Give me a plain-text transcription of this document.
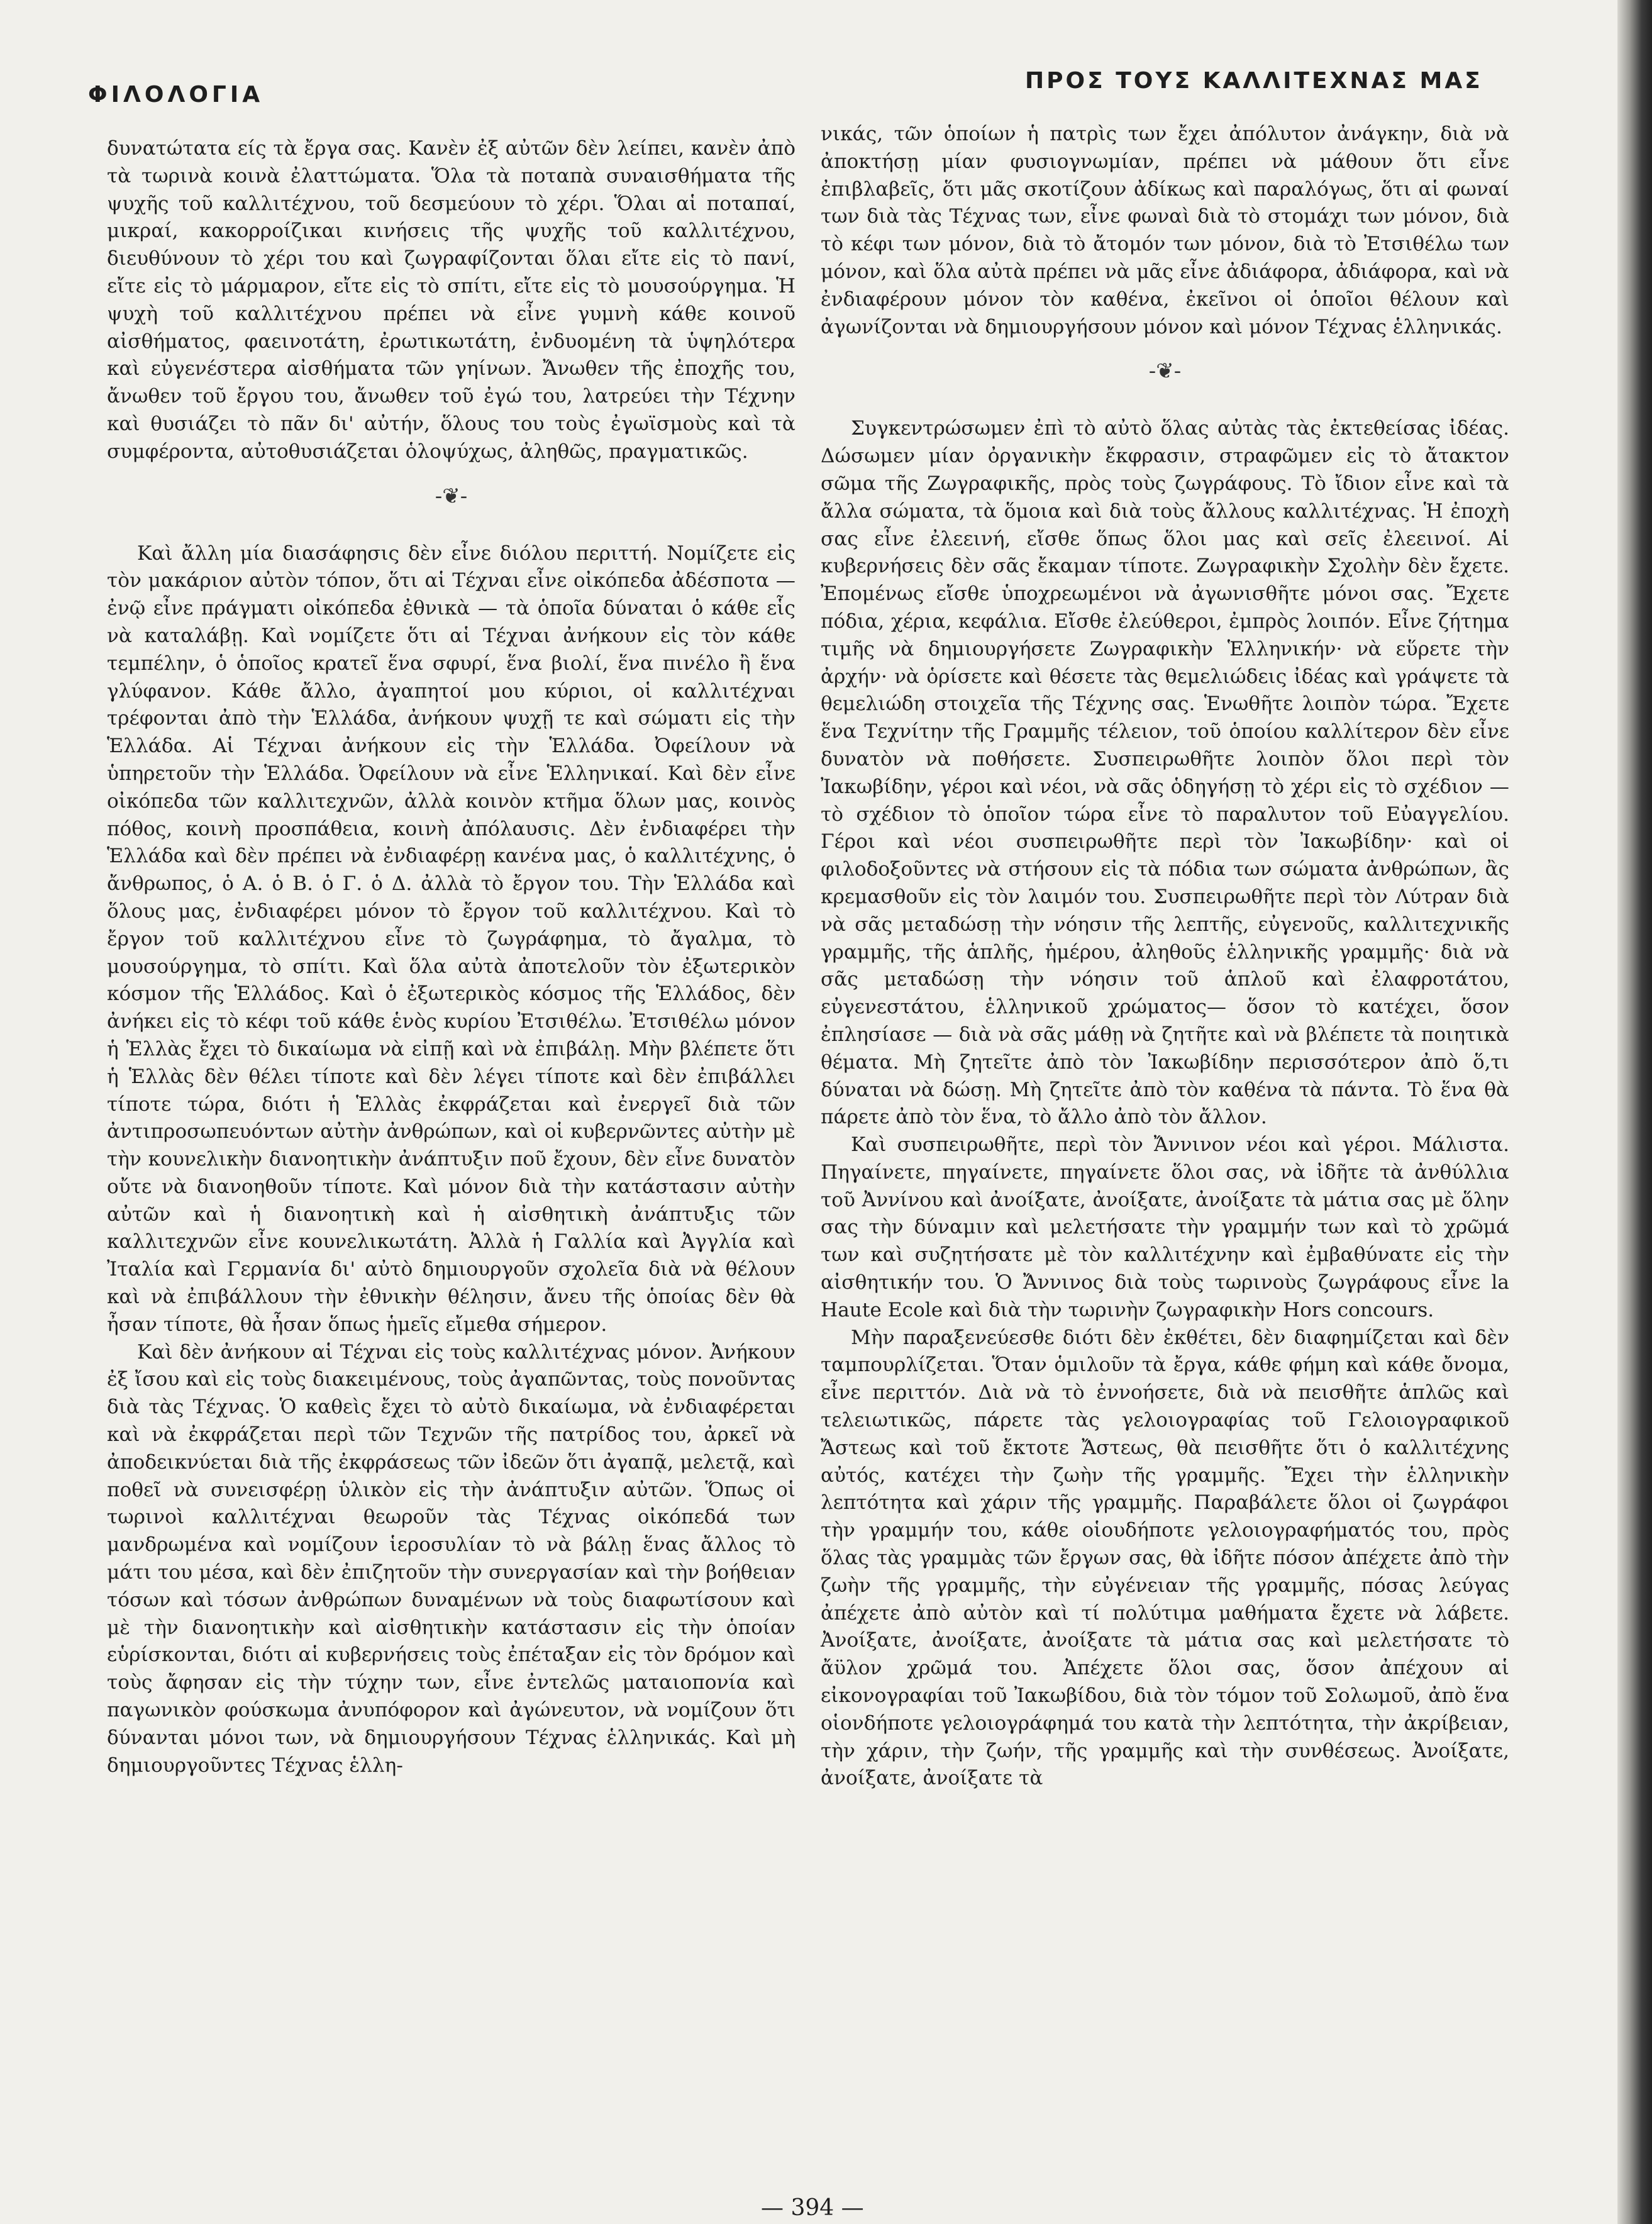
ΦΙΛΟΛΟΓΙΑ
ΠΡΟΣ ΤΟΥΣ ΚΑΛΛΙΤΕΧΝΑΣ ΜΑΣ

δυνατώτατα είς τὰ ἔργα σας. Κανὲν ἐξ αὐτῶν δὲν λείπει, κανὲν ἀπὸ τὰ τωρινὰ κοινὰ ἐλαττώματα. Ὅλα τὰ ποταπὰ συναισθήματα τῆς ψυχῆς τοῦ καλλιτέχνου, τοῦ δεσμεύουν τὸ χέρι. Ὅλαι αἱ ποταπαί, μικραί, κακορροίζικαι κινήσεις τῆς ψυχῆς τοῦ καλλιτέχνου, διευθύνουν τὸ χέρι του καὶ ζωγραφίζονται ὅλαι εἴτε εἰς τὸ πανί, εἴτε εἰς τὸ μάρμαρον, εἴτε εἰς τὸ σπίτι, εἴτε εἰς τὸ μουσούργημα. Ἡ ψυχὴ τοῦ καλλιτέχνου πρέπει νὰ εἶνε γυμνὴ κάθε κοινοῦ αἰσθήματος, φαεινοτάτη, ἐρωτικωτάτη, ἐνδυομένη τὰ ὑψηλότερα καὶ εὐγενέστερα αἰσθήματα τῶν γηίνων. Ἄνωθεν τῆς ἐποχῆς του, ἄνωθεν τοῦ ἔργου του, ἄνωθεν τοῦ ἐγώ του, λατρεύει τὴν Τέχνην καὶ θυσιάζει τὸ πᾶν δι' αὐτήν, ὅλους του τοὺς ἐγωϊσμοὺς καὶ τὰ συμφέροντα, αὐτοθυσιάζεται ὁλοψύχως, ἀληθῶς, πραγματικῶς.

-❦-

Καὶ ἄλλη μία διασάφησις δὲν εἶνε διόλου περιττή. Νομίζετε εἰς τὸν μακάριον αὐτὸν τόπον, ὅτι αἱ Τέχναι εἶνε οἰκόπεδα ἀδέσποτα — ἐνῷ εἶνε πράγματι οἰκόπεδα ἐθνικὰ — τὰ ὁποῖα δύναται ὁ κάθε εἷς νὰ καταλάβῃ. Καὶ νομίζετε ὅτι αἱ Τέχναι ἀνήκουν εἰς τὸν κάθε τεμπέλην, ὁ ὁποῖος κρατεῖ ἕνα σφυρί, ἕνα βιολί, ἕνα πινέλο ἢ ἕνα γλύφανον. Κάθε ἄλλο, ἀγαπητοί μου κύριοι, οἱ καλλιτέχναι τρέφονται ἀπὸ τὴν Ἑλλάδα, ἀνήκουν ψυχῇ τε καὶ σώματι εἰς τὴν Ἑλλάδα. Αἱ Τέχναι ἀνήκουν εἰς τὴν Ἑλλάδα. Ὀφείλουν νὰ ὑπηρετοῦν τὴν Ἑλλάδα. Ὀφείλουν νὰ εἶνε Ἑλληνικαί. Καὶ δὲν εἶνε οἰκόπεδα τῶν καλλιτεχνῶν, ἀλλὰ κοινὸν κτῆμα ὅλων μας, κοινὸς πόθος, κοινὴ προσπάθεια, κοινὴ ἀπόλαυσις. Δὲν ἐνδιαφέρει τὴν Ἑλλάδα καὶ δὲν πρέπει νὰ ἐνδιαφέρῃ κανένα μας, ὁ καλλιτέχνης, ὁ ἄνθρωπος, ὁ Α. ὁ Β. ὁ Γ. ὁ Δ. ἀλλὰ τὸ ἔργον του. Τὴν Ἑλλάδα καὶ ὅλους μας, ἐνδιαφέρει μόνον τὸ ἔργον τοῦ καλλιτέχνου. Καὶ τὸ ἔργον τοῦ καλλιτέχνου εἶνε τὸ ζωγράφημα, τὸ ἄγαλμα, τὸ μουσούργημα, τὸ σπίτι. Καὶ ὅλα αὐτὰ ἀποτελοῦν τὸν ἐξωτερικὸν κόσμον τῆς Ἑλλάδος. Καὶ ὁ ἐξωτερικὸς κόσμος τῆς Ἑλλάδος, δὲν ἀνήκει εἰς τὸ κέφι τοῦ κάθε ἑνὸς κυρίου Ἐτσιθέλω. Ἐτσιθέλω μόνον ἡ Ἑλλὰς ἔχει τὸ δικαίωμα νὰ εἰπῇ καὶ νὰ ἐπιβάλῃ. Μὴν βλέπετε ὅτι ἡ Ἑλλὰς δὲν θέλει τίποτε καὶ δὲν λέγει τίποτε καὶ δὲν ἐπιβάλλει τίποτε τώρα, διότι ἡ Ἑλλὰς ἐκφράζεται καὶ ἐνεργεῖ διὰ τῶν ἀντιπροσωπευόντων αὐτὴν ἀνθρώπων, καὶ οἱ κυβερνῶντες αὐτὴν μὲ τὴν κουνελικὴν διανοητικὴν ἀνάπτυξιν ποῦ ἔχουν, δὲν εἶνε δυνατὸν οὔτε νὰ διανοηθοῦν τίποτε. Καὶ μόνον διὰ τὴν κατάστασιν αὐτὴν αὐτῶν καὶ ἡ διανοητικὴ καὶ ἡ αἰσθητικὴ ἀνάπτυξις τῶν καλλιτεχνῶν εἶνε κουνελικωτάτη. Ἀλλὰ ἡ Γαλλία καὶ Ἀγγλία καὶ Ἰταλία καὶ Γερμανία δι' αὐτὸ δημιουργοῦν σχολεῖα διὰ νὰ θέλουν καὶ νὰ ἐπιβάλλουν τὴν ἐθνικὴν θέλησιν, ἄνευ τῆς ὁποίας δὲν θὰ ἦσαν τίποτε, θὰ ἦσαν ὅπως ἡμεῖς εἴμεθα σήμερον.

Καὶ δὲν ἀνήκουν αἱ Τέχναι εἰς τοὺς καλλιτέχνας μόνον. Ἀνήκουν ἐξ ἴσου καὶ εἰς τοὺς διακειμένους, τοὺς ἀγαπῶντας, τοὺς πονοῦντας διὰ τὰς Τέχνας. Ὁ καθεὶς ἔχει τὸ αὐτὸ δικαίωμα, νὰ ἐνδιαφέρεται καὶ νὰ ἐκφράζεται περὶ τῶν Τεχνῶν τῆς πατρίδος του, ἀρκεῖ νὰ ἀποδεικνύεται διὰ τῆς ἐκφράσεως τῶν ἰδεῶν ὅτι ἀγαπᾷ, μελετᾷ, καὶ ποθεῖ νὰ συνεισφέρῃ ὑλικὸν εἰς τὴν ἀνάπτυξιν αὐτῶν. Ὅπως οἱ τωρινοὶ καλλιτέχναι θεωροῦν τὰς Τέχνας οἰκόπεδά των μανδρωμένα καὶ νομίζουν ἱεροσυλίαν τὸ νὰ βάλῃ ἕνας ἄλλος τὸ μάτι του μέσα, καὶ δὲν ἐπιζητοῦν τὴν συνεργασίαν καὶ τὴν βοήθειαν τόσων καὶ τόσων ἀνθρώπων δυναμένων νὰ τοὺς διαφωτίσουν καὶ μὲ τὴν διανοητικὴν καὶ αἰσθητικὴν κατάστασιν εἰς τὴν ὁποίαν εὑρίσκονται, διότι αἱ κυβερνήσεις τοὺς ἐπέταξαν εἰς τὸν δρόμον καὶ τοὺς ἄφησαν εἰς τὴν τύχην των, εἶνε ἐντελῶς ματαιοπονία καὶ παγωνικὸν φούσκωμα ἀνυπόφορον καὶ ἀγώνευτον, νὰ νομίζουν ὅτι δύνανται μόνοι των, νὰ δημιουργήσουν Τέχνας ἑλληνικάς. Καὶ μὴ δημιουργοῦντες Τέχνας ἑλλη-

νικάς, τῶν ὁποίων ἡ πατρὶς των ἔχει ἀπόλυτον ἀνάγκην, διὰ νὰ ἀποκτήσῃ μίαν φυσιογνωμίαν, πρέπει νὰ μάθουν ὅτι εἶνε ἐπιβλαβεῖς, ὅτι μᾶς σκοτίζουν ἀδίκως καὶ παραλόγως, ὅτι αἱ φωναί των διὰ τὰς Τέχνας των, εἶνε φωναὶ διὰ τὸ στομάχι των μόνον, διὰ τὸ κέφι των μόνον, διὰ τὸ ἄτομόν των μόνον, διὰ τὸ Ἐτσιθέλω των μόνον, καὶ ὅλα αὐτὰ πρέπει νὰ μᾶς εἶνε ἀδιάφορα, ἀδιάφορα, καὶ νὰ ἐνδιαφέρουν μόνον τὸν καθένα, ἐκεῖνοι οἱ ὁποῖοι θέλουν καὶ ἀγωνίζονται νὰ δημιουργήσουν μόνον καὶ μόνον Τέχνας ἑλληνικάς.

-❦-

Συγκεντρώσωμεν ἐπὶ τὸ αὐτὸ ὅλας αὐτὰς τὰς ἐκτεθείσας ἰδέας. Δώσωμεν μίαν ὀργανικὴν ἔκφρασιν, στραφῶμεν εἰς τὸ ἄτακτον σῶμα τῆς Ζωγραφικῆς, πρὸς τοὺς ζωγράφους. Τὸ ἴδιον εἶνε καὶ τὰ ἄλλα σώματα, τὰ ὅμοια καὶ διὰ τοὺς ἄλλους καλλιτέχνας. Ἡ ἐποχὴ σας εἶνε ἐλεεινή, εἴσθε ὅπως ὅλοι μας καὶ σεῖς ἐλεεινοί. Αἱ κυβερνήσεις δὲν σᾶς ἔκαμαν τίποτε. Ζωγραφικὴν Σχολὴν δὲν ἔχετε. Ἐπομένως εἴσθε ὑποχρεωμένοι νὰ ἀγωνισθῆτε μόνοι σας. Ἔχετε πόδια, χέρια, κεφάλια. Εἴσθε ἐλεύθεροι, ἐμπρὸς λοιπόν. Εἶνε ζήτημα τιμῆς νὰ δημιουργήσετε Ζωγραφικὴν Ἑλληνικήν· νὰ εὕρετε τὴν ἀρχήν· νὰ ὁρίσετε καὶ θέσετε τὰς θεμελιώδεις ἰδέας καὶ γράψετε τὰ θεμελιώδη στοιχεῖα τῆς Τέχνης σας. Ἑνωθῆτε λοιπὸν τώρα. Ἔχετε ἕνα Τεχνίτην τῆς Γραμμῆς τέλειον, τοῦ ὁποίου καλλίτερον δὲν εἶνε δυνατὸν νὰ ποθήσετε. Συσπειρωθῆτε λοιπὸν ὅλοι περὶ τὸν Ἰακωβίδην, γέροι καὶ νέοι, νὰ σᾶς ὁδηγήσῃ τὸ χέρι εἰς τὸ σχέδιον — τὸ σχέδιον τὸ ὁποῖον τώρα εἶνε τὸ παραλυτον τοῦ Εὐαγγελίου. Γέροι καὶ νέοι συσπειρωθῆτε περὶ τὸν Ἰακωβίδην· καὶ οἱ φιλοδοξοῦντες νὰ στήσουν εἰς τὰ πόδια των σώματα ἀνθρώπων, ἂς κρεμασθοῦν εἰς τὸν λαιμόν του. Συσπειρωθῆτε περὶ τὸν Λύτραν διὰ νὰ σᾶς μεταδώσῃ τὴν νόησιν τῆς λεπτῆς, εὐγενοῦς, καλλιτεχνικῆς γραμμῆς, τῆς ἁπλῆς, ἡμέρου, ἀληθοῦς ἑλληνικῆς γραμμῆς· διὰ νὰ σᾶς μεταδώσῃ τὴν νόησιν τοῦ ἁπλοῦ καὶ ἐλαφροτάτου, εὐγενεστάτου, ἑλληνικοῦ χρώματος— ὅσον τὸ κατέχει, ὅσον ἐπλησίασε — διὰ νὰ σᾶς μάθῃ νὰ ζητῆτε καὶ νὰ βλέπετε τὰ ποιητικὰ θέματα. Μὴ ζητεῖτε ἀπὸ τὸν Ἰακωβίδην περισσότερον ἀπὸ ὅ,τι δύναται νὰ δώσῃ. Μὴ ζητεῖτε ἀπὸ τὸν καθένα τὰ πάντα. Τὸ ἕνα θὰ πάρετε ἀπὸ τὸν ἕνα, τὸ ἄλλο ἀπὸ τὸν ἄλλον.

Καὶ συσπειρωθῆτε, περὶ τὸν Ἄννινον νέοι καὶ γέροι. Μάλιστα. Πηγαίνετε, πηγαίνετε, πηγαίνετε ὅλοι σας, νὰ ἰδῆτε τὰ ἀνθύλλια τοῦ Ἀννίνου καὶ ἀνοίξατε, ἀνοίξατε, ἀνοίξατε τὰ μάτια σας μὲ ὅλην σας τὴν δύναμιν καὶ μελετήσατε τὴν γραμμήν των καὶ τὸ χρῶμά των καὶ συζητήσατε μὲ τὸν καλλιτέχνην καὶ ἐμβαθύνατε εἰς τὴν αἰσθητικήν του. Ὁ Ἄννινος διὰ τοὺς τωρινοὺς ζωγράφους εἶνε la Haute Ecole καὶ διὰ τὴν τωρινὴν ζωγραφικὴν Hors concours.

Μὴν παραξενεύεσθε διότι δὲν ἐκθέτει, δὲν διαφημίζεται καὶ δὲν ταμπουρλίζεται. Ὅταν ὁμιλοῦν τὰ ἔργα, κάθε φήμη καὶ κάθε ὄνομα, εἶνε περιττόν. Διὰ νὰ τὸ ἐννοήσετε, διὰ νὰ πεισθῆτε ἁπλῶς καὶ τελειωτικῶς, πάρετε τὰς γελοιογραφίας τοῦ Γελοιογραφικοῦ Ἄστεως καὶ τοῦ ἔκτοτε Ἄστεως, θὰ πεισθῆτε ὅτι ὁ καλλιτέχνης αὐτός, κατέχει τὴν ζωὴν τῆς γραμμῆς. Ἔχει τὴν ἑλληνικὴν λεπτότητα καὶ χάριν τῆς γραμμῆς. Παραβάλετε ὅλοι οἱ ζωγράφοι τὴν γραμμήν του, κάθε οἱουδήποτε γελοιογραφήματός του, πρὸς ὅλας τὰς γραμμὰς τῶν ἔργων σας, θὰ ἰδῆτε πόσον ἀπέχετε ἀπὸ τὴν ζωὴν τῆς γραμμῆς, τὴν εὐγένειαν τῆς γραμμῆς, πόσας λεύγας ἀπέχετε ἀπὸ αὐτὸν καὶ τί πολύτιμα μαθήματα ἔχετε νὰ λάβετε. Ἀνοίξατε, ἀνοίξατε, ἀνοίξατε τὰ μάτια σας καὶ μελετήσατε τὸ ἄϋλον χρῶμά του. Ἀπέχετε ὅλοι σας, ὅσον ἀπέχουν αἱ εἰκονογραφίαι τοῦ Ἰακωβίδου, διὰ τὸν τόμον τοῦ Σολωμοῦ, ἀπὸ ἕνα οἱονδήποτε γελοιογράφημά του κατὰ τὴν λεπτότητα, τὴν ἀκρίβειαν, τὴν χάριν, τὴν ζωήν, τῆς γραμμῆς καὶ τὴν συνθέσεως. Ἀνοίξατε, ἀνοίξατε, ἀνοίξατε τὰ

— 394 —
